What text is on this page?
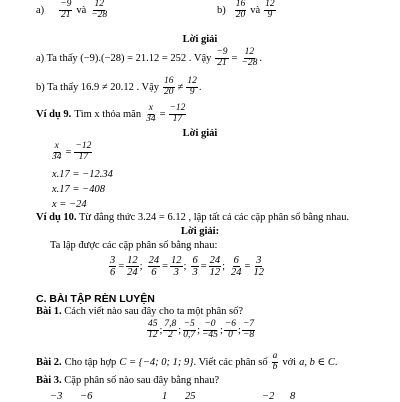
$a) \frac{-9}{21}$ và $\frac{12}{-28}$	$b) \frac{16}{20}$ và $\frac{12}{9}$
Lời giải
a) Ta thấy (−9).(−28) = 21.12 = 252 . Vậy $\frac{-9}{21} = \frac{12}{-28}$ .
b) Ta thấy 16.9 ≠ 20.12 . Vậy $\frac{16}{20} \ne \frac{12}{9}$ .
Ví dụ 9. Tìm x thỏa mãn $\frac{x}{34} = \frac{-12}{17}$
Lời giải
$\frac{x}{34} = \frac{-12}{17}$
x.17 = −12.34
x.17 = −408
x = −24
Ví dụ 10. Từ đẳng thức 3.24 = 6.12 , lập tất cả các cặp phân số bằng nhau.
Lời giải:
Ta lập được các cặp phân số bằng nhau:
$\frac{3}{6} = \frac{12}{24}$ ; $\frac{24}{6} = \frac{12}{3}$ ; $\frac{6}{3} = \frac{24}{12}$ ; $\frac{6}{24} = \frac{3}{12}$
C. BÀI TẬP RÈN LUYỆN
Bài 1. Cách viết nào sau đây cho ta một phân số?
$\frac{45}{12}$ ; $\frac{7,8}{2}$ ; $\frac{-5}{0,7}$ ; $\frac{-0}{-45}$ ; $\frac{-6}{0}$ ; $\frac{-7}{-8}$
Bài 2. Cho tập hợp C = {−4; 0; 1; 9} . Viết các phân số $\frac{a}{b}$ với a, b ∈ C .
Bài 3. Cặp phân số nào sau đây bằng nhau?
−3 −6	1 25	−2 8
